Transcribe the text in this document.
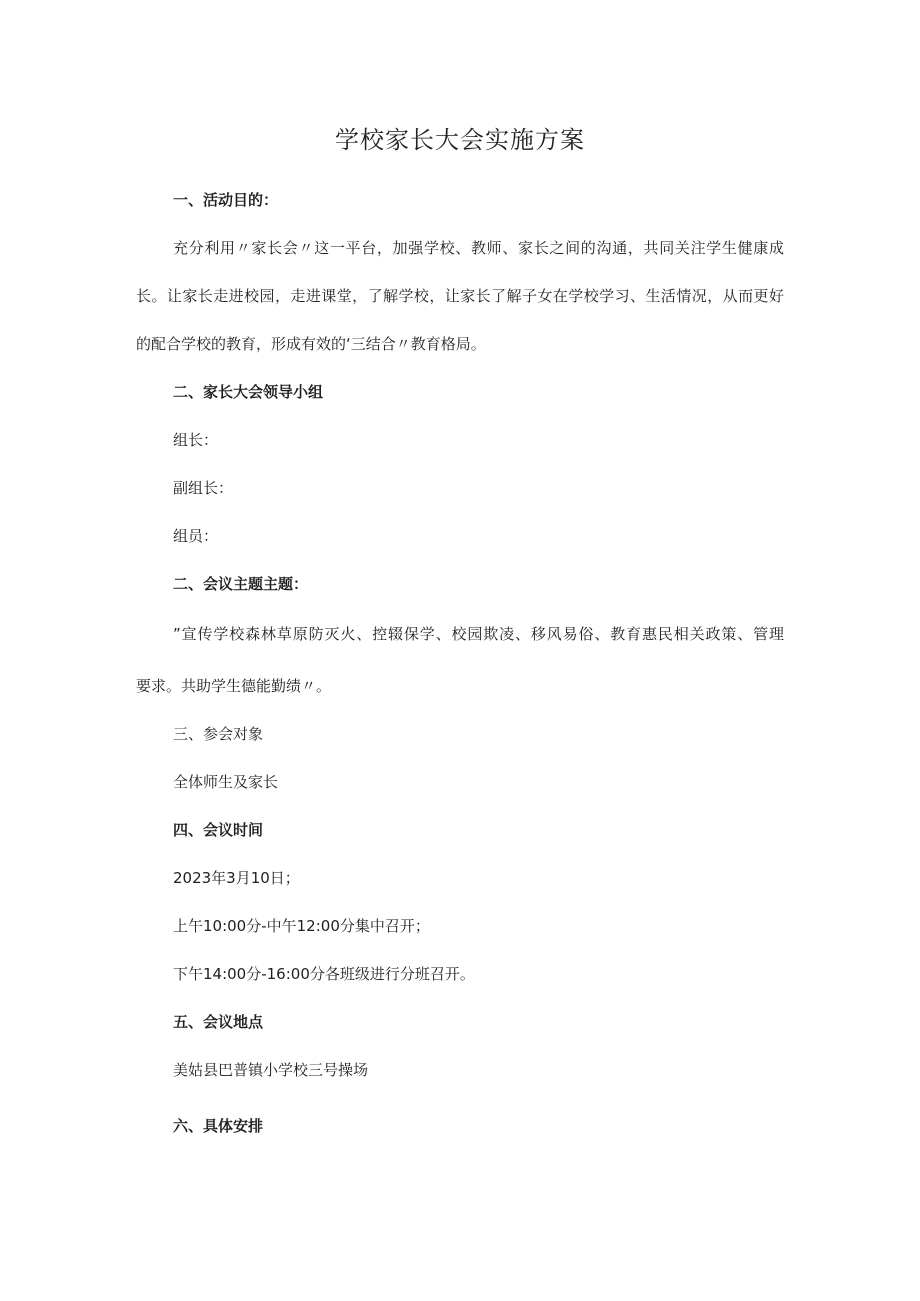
学校家长大会实施方案
一、活动目的：
充分利用〃家长会〃这一平台，加强学校、教师、家长之间的沟通，共同关注学生健康成
长。让家长走进校园，走进课堂，了解学校，让家长了解子女在学校学习、生活情况，从而更好
的配合学校的教育，形成有效的‘三结合〃教育格局。
二、家长大会领导小组
组长：
副组长：
组员：
二、会议主题主题：
”宣传学校森林草原防灭火、控辍保学、校园欺凌、移风易俗、教育惠民相关政策、管理
要求。共助学生德能勤绩〃。
三、参会对象
全体师生及家长
四、会议时间
2023年3月10日；
上午10:00分-中午12:00分集中召开；
下午14:00分-16:00分各班级进行分班召开。
五、会议地点
美姑县巴普镇小学校三号操场
六、具体安排
